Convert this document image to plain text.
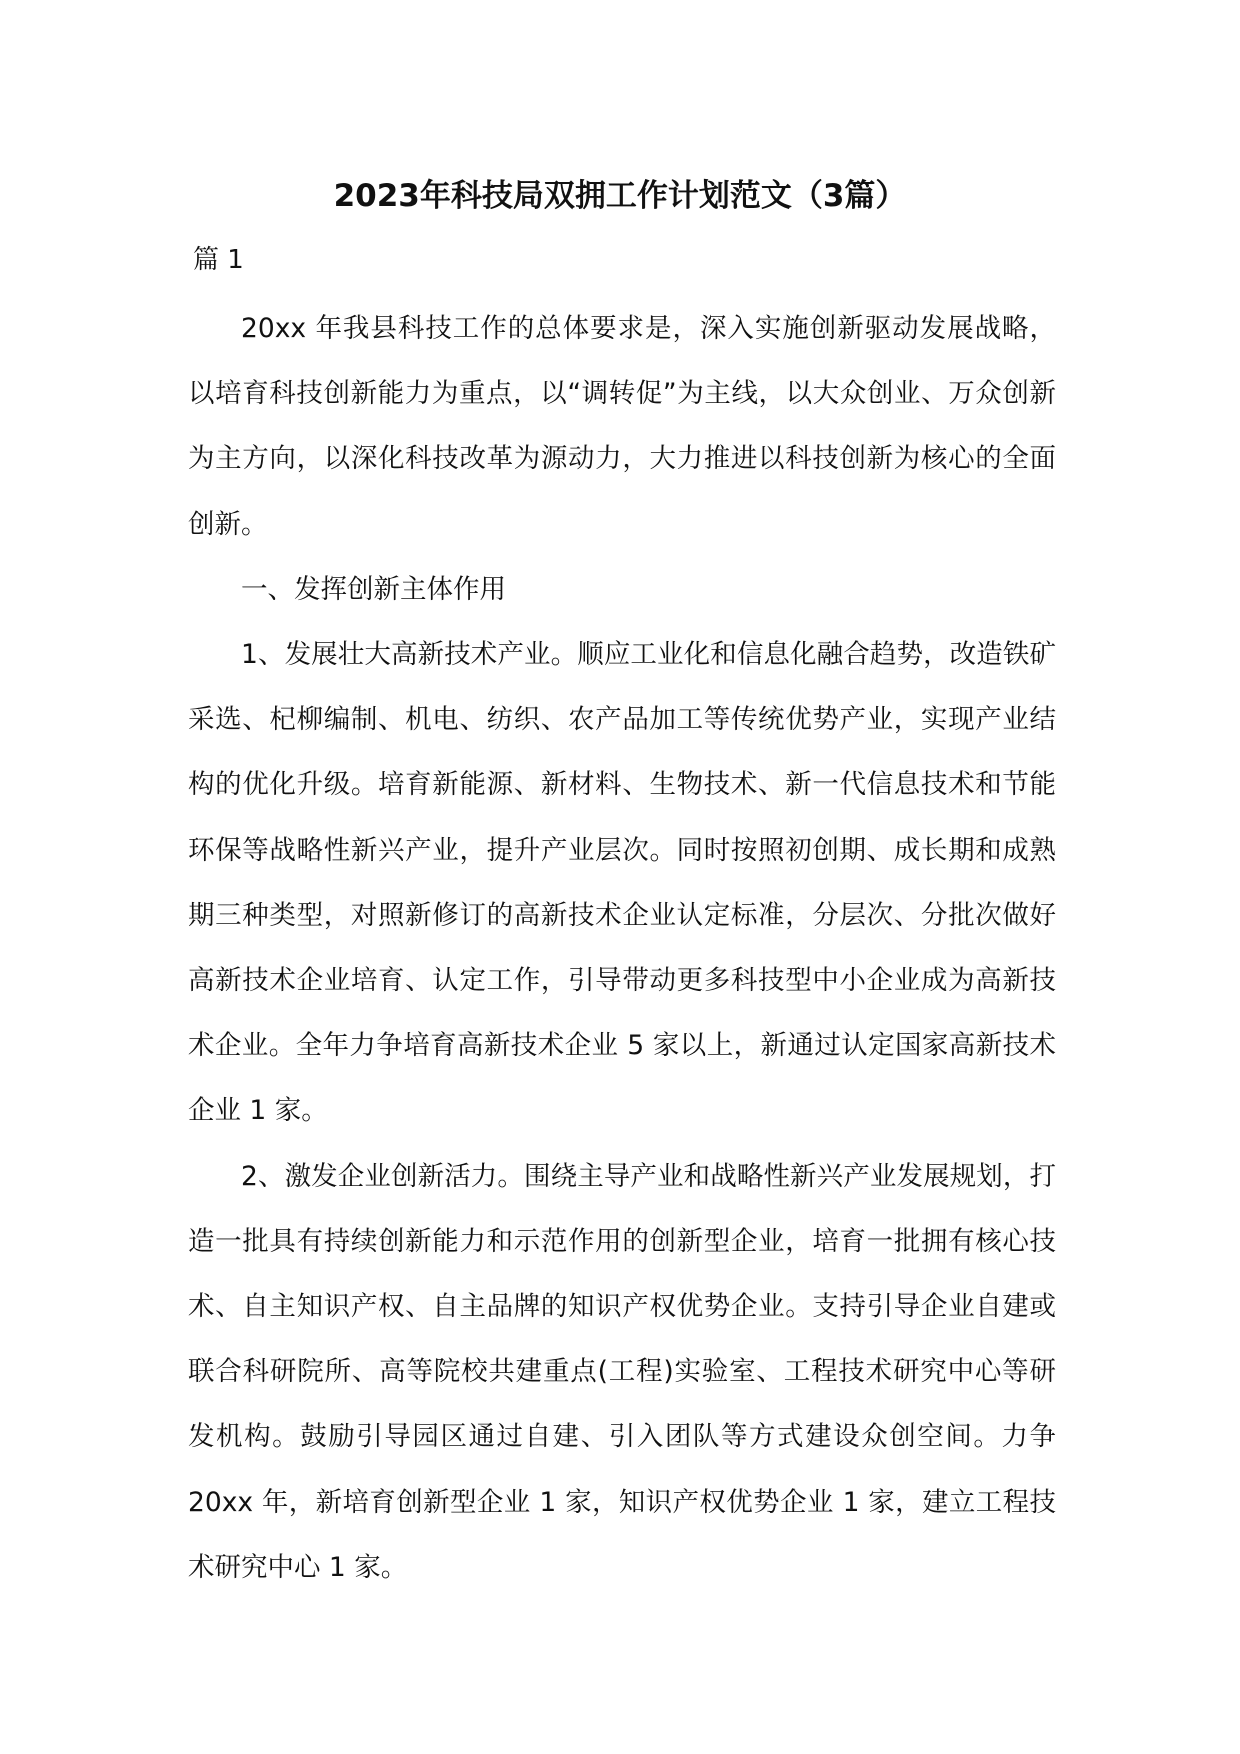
2023年科技局双拥工作计划范文（3篇）

篇 1

20xx 年我县科技工作的总体要求是，深入实施创新驱动发展战略，以培育科技创新能力为重点，以“调转促”为主线，以大众创业、万众创新为主方向，以深化科技改革为源动力，大力推进以科技创新为核心的全面创新。

一、发挥创新主体作用

1、发展壮大高新技术产业。顺应工业化和信息化融合趋势，改造铁矿采选、杞柳编制、机电、纺织、农产品加工等传统优势产业，实现产业结构的优化升级。培育新能源、新材料、生物技术、新一代信息技术和节能环保等战略性新兴产业，提升产业层次。同时按照初创期、成长期和成熟期三种类型，对照新修订的高新技术企业认定标准，分层次、分批次做好高新技术企业培育、认定工作，引导带动更多科技型中小企业成为高新技术企业。全年力争培育高新技术企业 5 家以上，新通过认定国家高新技术企业 1 家。

2、激发企业创新活力。围绕主导产业和战略性新兴产业发展规划，打造一批具有持续创新能力和示范作用的创新型企业，培育一批拥有核心技术、自主知识产权、自主品牌的知识产权优势企业。支持引导企业自建或联合科研院所、高等院校共建重点(工程)实验室、工程技术研究中心等研发机构。鼓励引导园区通过自建、引入团队等方式建设众创空间。力争 20xx 年，新培育创新型企业 1 家，知识产权优势企业 1 家，建立工程技术研究中心 1 家。
